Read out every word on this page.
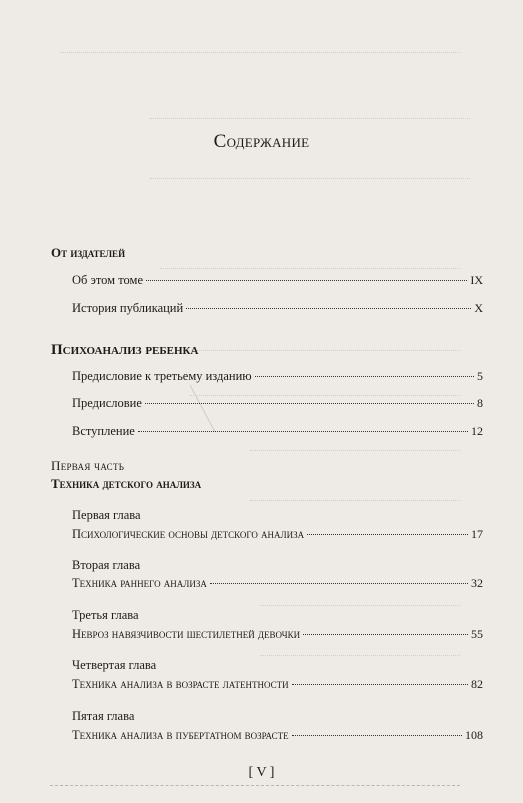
Содержание
От издателей
Об этом томе	IX
История публикаций	X
Психоанализ ребенка
Предисловие к третьему изданию	5
Предисловие	8
Вступление	12
Первая часть
Техника детского анализа
Первая глава
Психологические основы детского анализа	17
Вторая глава
Техника раннего анализа	32
Третья глава
Невроз навязчивости шестилетней девочки	55
Четвертая глава
Техника анализа в возрасте латентности	82
Пятая глава
Техника анализа в пубертатном возрасте	108
[ V ]
